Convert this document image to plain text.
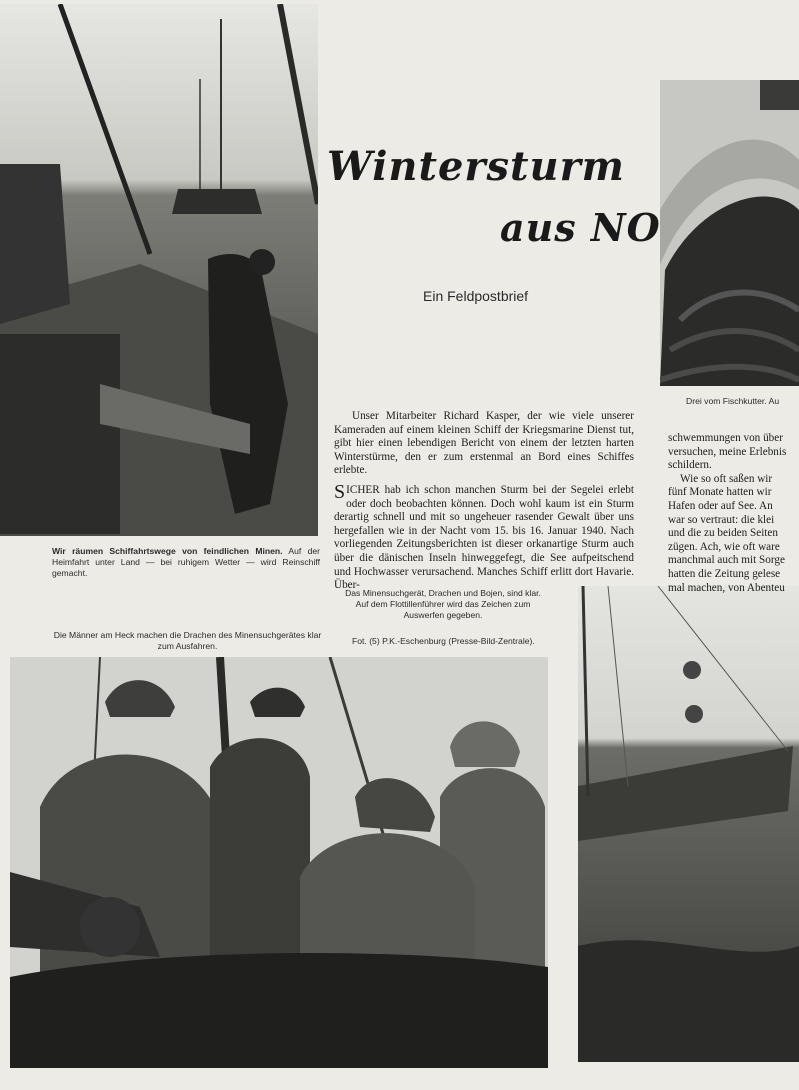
Wintersturm
aus NO
Ein Feldpostbrief

Unser Mitarbeiter Richard Kasper, der wie viele unserer Kameraden auf einem kleinen Schiff der Kriegsmarine Dienst tut, gibt hier einen lebendigen Bericht von einem der letzten harten Winterstürme, den er zum erstenmal an Bord eines Schiffes erlebte.

SICHER hab ich schon manchen Sturm bei der Segelei erlebt oder doch beobachten können. Doch wohl kaum ist ein Sturm derartig schnell und mit so ungeheuer rasender Gewalt über uns hergefallen wie in der Nacht vom 15. bis 16. Januar 1940. Nach vorliegenden Zeitungsberichten ist dieser orkanartige Sturm auch über die dänischen Inseln hinweggefegt, die See aufpeitschend und Hochwasser verursachend. Manches Schiff erlitt dort Havarie. Über-

schwemmungen von über
versuchen, meine Erlebnis
schildern.
Wie so oft saßen wir
fünf Monate hatten wir
Hafen oder auf See. An
war so vertraut: die klei
und die zu beiden Seiten
zügen. Ach, wie oft ware
manchmal auch mit Sorge
hatten die Zeitung gelese
mal machen, von Abenteu

Wir räumen Schiffahrtswege von feindlichen Minen. Auf der Heimfahrt unter Land — bei ruhigem Wetter — wird Reinschiff gemacht.

Drei vom Fischkutter. Au

Das Minensuchgerät, Drachen und Bojen, sind klar. Auf dem Flottillenführer wird das Zeichen zum Auswerfen gegeben.

Die Männer am Heck machen die Drachen des Minensuchgerätes klar zum Ausfahren.	Fot. (5) P.K.-Eschenburg (Presse-Bild-Zentrale).
